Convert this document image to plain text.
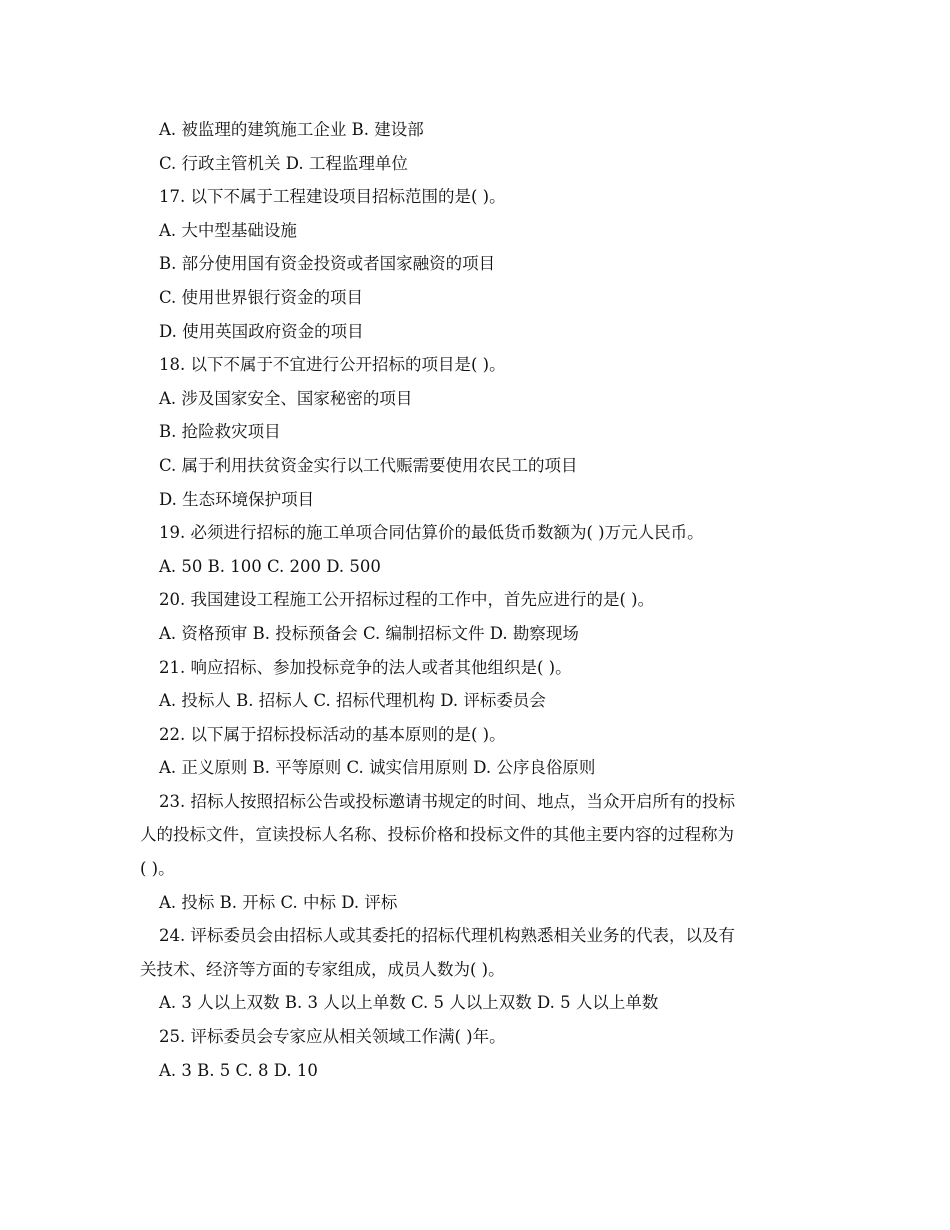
A. 被监理的建筑施工企业 B. 建设部
C. 行政主管机关 D. 工程监理单位
17. 以下不属于工程建设项目招标范围的是( )。
A. 大中型基础设施
B. 部分使用国有资金投资或者国家融资的项目
C. 使用世界银行资金的项目
D. 使用英国政府资金的项目
18. 以下不属于不宜进行公开招标的项目是( )。
A. 涉及国家安全、国家秘密的项目
B. 抢险救灾项目
C. 属于利用扶贫资金实行以工代赈需要使用农民工的项目
D. 生态环境保护项目
19. 必须进行招标的施工单项合同估算价的最低货币数额为( )万元人民币。
A. 50 B. 100 C. 200 D. 500
20. 我国建设工程施工公开招标过程的工作中，首先应进行的是( )。
A. 资格预审 B. 投标预备会 C. 编制招标文件 D. 勘察现场
21. 响应招标、参加投标竞争的法人或者其他组织是( )。
A. 投标人 B. 招标人 C. 招标代理机构 D. 评标委员会
22. 以下属于招标投标活动的基本原则的是( )。
A. 正义原则 B. 平等原则 C. 诚实信用原则 D. 公序良俗原则
23. 招标人按照招标公告或投标邀请书规定的时间、地点，当众开启所有的投标
人的投标文件，宣读投标人名称、投标价格和投标文件的其他主要内容的过程称为
( )。
A. 投标 B. 开标 C. 中标 D. 评标
24. 评标委员会由招标人或其委托的招标代理机构熟悉相关业务的代表，以及有
关技术、经济等方面的专家组成，成员人数为( )。
A. 3 人以上双数 B. 3 人以上单数 C. 5 人以上双数 D. 5 人以上单数
25. 评标委员会专家应从相关领域工作满( )年。
A. 3 B. 5 C. 8 D. 10
